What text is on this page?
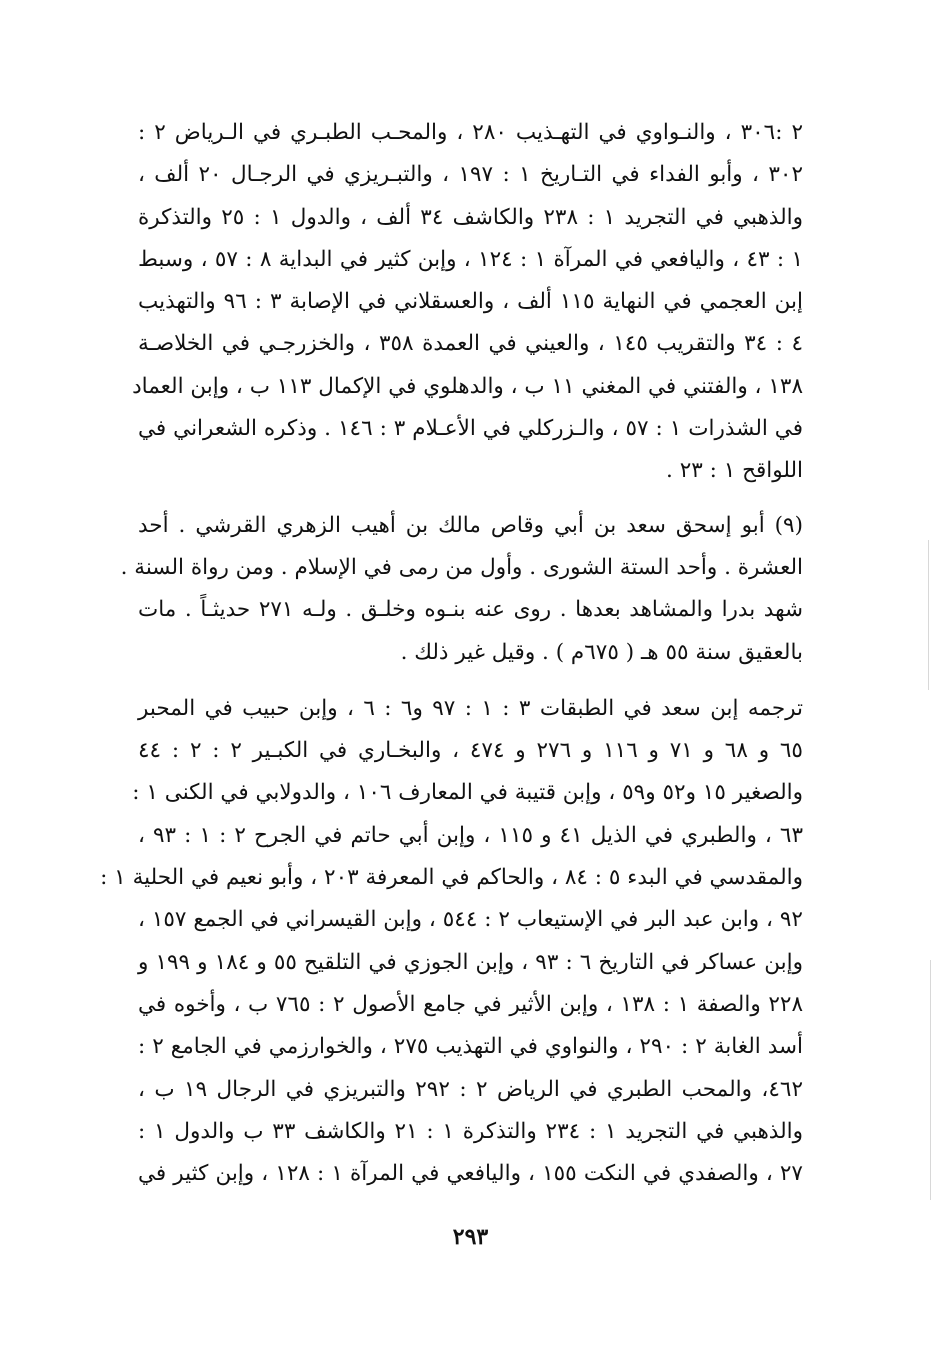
٢ :٣٠٦ ، والنـواوي في التهـذيب ٢٨٠ ، والمحـب الطبـري في الـرياض ٢ :
٣٠٢ ، وأبو الفداء في التـاريخ ١ : ١٩٧ ، والتبـريزي في الرجـال ٢٠ ألف ،
والذهبي في التجريد ١ : ٢٣٨ والكاشف ٣٤ ألف ، والدول ١ : ٢٥ والتذكرة
١ : ٤٣ ، واليافعي في المرآة ١ : ١٢٤ ، وإبن كثير في البداية ٨ : ٥٧ ، وسبط
إبن العجمي في النهاية ١١٥ ألف ، والعسقلاني في الإصابة ٣ : ٩٦ والتهذيب
٤ : ٣٤ والتقريب ١٤٥ ، والعيني في العمدة ٣٥٨ ، والخزرجـي في الخلاصـة
١٣٨ ، والفتني في المغني ١١ ب ، والدهلوي في الإكمال ١١٣ ب ، وإبن العماد
في الشذرات ١ : ٥٧ ، والـزركلي في الأعـلام ٣ : ١٤٦ . وذكره الشعراني في
اللواقح ١ : ٢٣ .
(٩) أبو إسحق سعد بن أبي وقاص مالك بن أهيب الزهري القرشي . أحد
العشرة . وأحد الستة الشورى . وأول من رمى في الإسلام . ومن رواة السنة .
شهد بدرا والمشاهد بعدها . روى عنه بنـوه وخلـق . ولـه ٢٧١ حديثـاً . مات
بالعقيق سنة ٥٥ هـ ( ٦٧٥م ) . وقيل غير ذلك .
ترجمه إبن سعد في الطبقات ٣ : ١ : ٩٧ و٦ : ٦ ، وإبن حبيب في المحبر
٦٥ و ٦٨ و ٧١ و ١١٦ و ٢٧٦ و ٤٧٤ ، والبخـاري في الكبـير ٢ : ٢ : ٤٤
والصغير ١٥ و٥٢ و٥٩ ، وإبن قتيبة في المعارف ١٠٦ ، والدولابي في الكنى ١ :
٦٣ ، والطبري في الذيل ٤١ و ١١٥ ، وإبن أبي حاتم في الجرح ٢ : ١ : ٩٣ ،
والمقدسي في البدء ٥ : ٨٤ ، والحاكم في المعرفة ٢٠٣ ، وأبو نعيم في الحلية ١ :
٩٢ ، وابن عبد البر في الإستيعاب ٢ : ٥٤٤ ، وإبن القيسراني في الجمع ١٥٧ ،
وإبن عساكر في التاريخ ٦ : ٩٣ ، وإبن الجوزي في التلقيح ٥٥ و ١٨٤ و ١٩٩ و
٢٢٨ والصفة ١ : ١٣٨ ، وإبن الأثير في جامع الأصول ٢ : ٧٦٥ ب ، وأخوه في
أسد الغابة ٢ : ٢٩٠ ، والنواوي في التهذيب ٢٧٥ ، والخوارزمي في الجامع ٢ :
٤٦٢، والمحب الطبري في الرياض ٢ : ٢٩٢ والتبريزي في الرجال ١٩ ب ،
والذهبي في التجريد ١ : ٢٣٤ والتذكرة ١ : ٢١ والكاشف ٣٣ ب والدول ١ :
٢٧ ، والصفدي في النكت ١٥٥ ، واليافعي في المرآة ١ : ١٢٨ ، وإبن كثير في
٢٩٣
